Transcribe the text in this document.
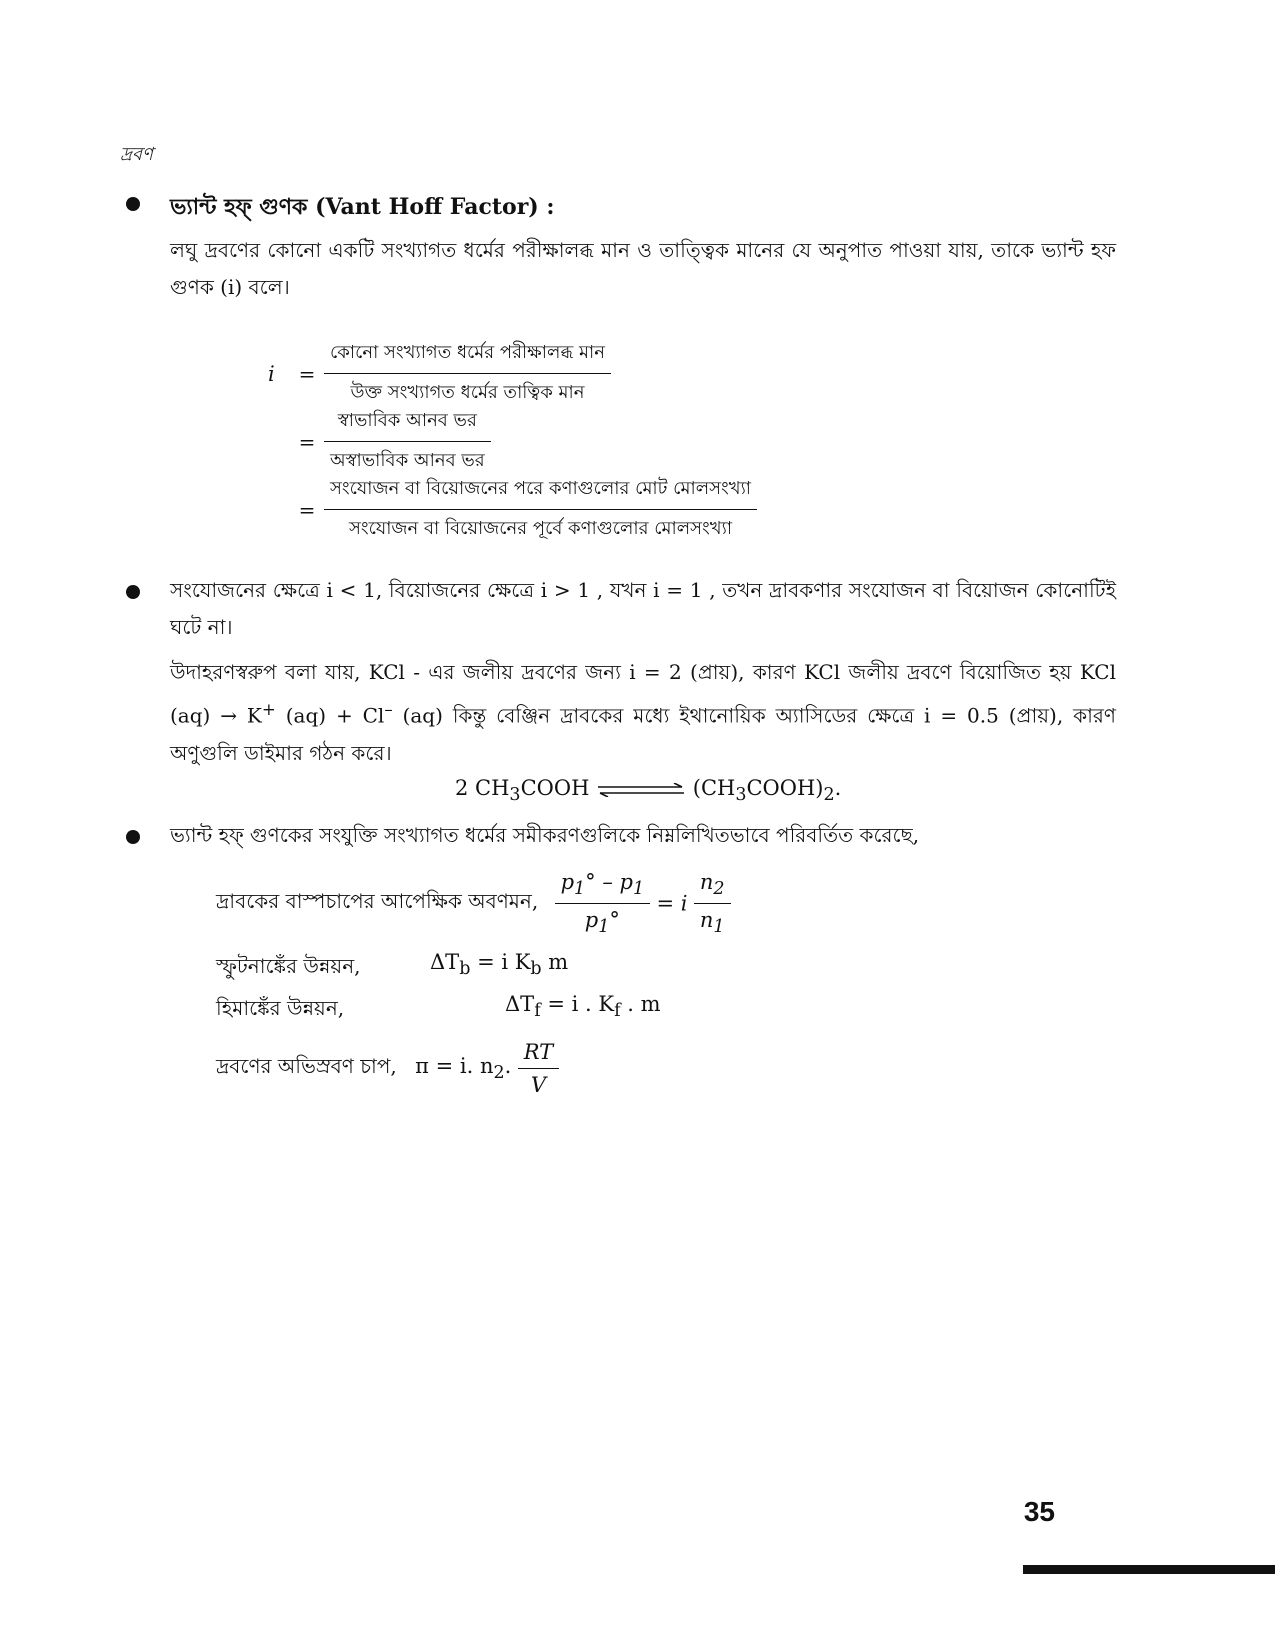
দ্রবণ
ভ্যান্ট হফ্ গুণক (Vant Hoff Factor) :
লঘু দ্রবণের কোনো একটি সংখ্যাগত ধর্মের পরীক্ষালব্ধ মান ও তাত্ত্বিক মানের যে অনুপাত পাওয়া যায়, তাকে ভ্যান্ট হফ গুণক (i) বলে।
$i = \frac{\text{কোনো সংখ্যাগত ধর্মের পরীক্ষালব্ধ মান}}{\text{উক্ত সংখ্যাগত ধর্মের তাত্বিক মান}}$
= $\frac{\text{স্বাভাবিক আনব ভর}}{\text{অস্বাভাবিক আনব ভর}}$
= $\frac{\text{সংযোজন বা বিয়োজনের পরে কণাগুলোর মোট মোলসংখ্যা}}{\text{সংযোজন বা বিয়োজনের পূর্বে কণাগুলোর মোলসংখ্যা}}$
সংযোজনের ক্ষেত্রে i < 1, বিয়োজনের ক্ষেত্রে i > 1 , যখন i = 1 , তখন দ্রাবকণার সংযোজন বা বিয়োজন কোনোটিই ঘটে না।
উদাহরণস্বরুপ বলা যায়, KCl - এর জলীয় দ্রবণের জন্য i = 2 (প্রায়), কারণ KCl জলীয় দ্রবণে বিয়োজিত হয় KCl (aq) → K+ (aq) + Cl– (aq) কিন্তু বেঞ্জিন দ্রাবকের মধ্যে ইথানোয়িক অ্যাসিডের ক্ষেত্রে i = 0.5 (প্রায়), কারণ অণুগুলি ডাইমার গঠন করে।
2 $CH_3COOH$	$(CH_3COOH)_2$.
ভ্যান্ট হফ্ গুণকের সংযুক্তি সংখ্যাগত ধর্মের সমীকরণগুলিকে নিম্নলিখিতভাবে পরিবর্তিত করেছে,
দ্রাবকের বাস্পচাপের আপেক্ষিক অবণমন, $\frac{p_1^\circ - p_1}{p_1^\circ} = i \frac{n_2}{n_1}$
স্ফুটনাঙ্কেঁর উন্নয়ন,	$\Delta T_b = i$ $K_b$ m
হিমাঙ্কেঁর উন্নয়ন,	$\Delta T_f = i$ . $K_f$ . m
দ্রবণের অভিস্রবণ চাপ, π = i. $n_2$. $\frac{RT}{V}$
35
